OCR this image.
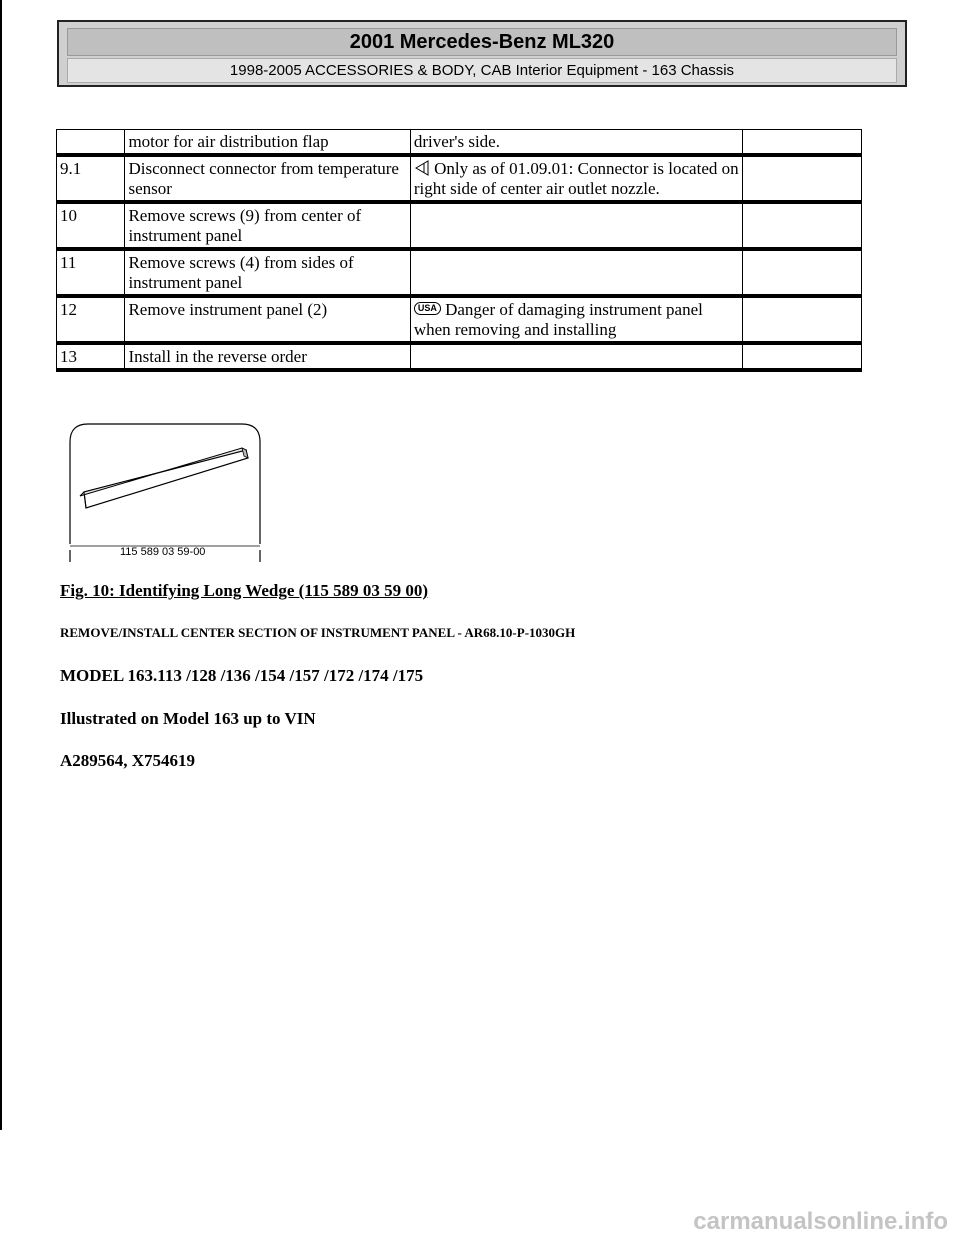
2001 Mercedes-Benz ML320
1998-2005 ACCESSORIES & BODY, CAB Interior Equipment - 163 Chassis
	motor for air distribution flap	driver's side.	
9.1	Disconnect connector from temperature sensor	Only as of 01.09.01: Connector is located on right side of center air outlet nozzle.	
10	Remove screws (9) from center of instrument panel		
11	Remove screws (4) from sides of instrument panel		
12	Remove instrument panel (2)	USA Danger of damaging instrument panel when removing and installing	
13	Install in the reverse order		
115 589 03 59-00
Fig. 10: Identifying Long Wedge (115 589 03 59 00)
REMOVE/INSTALL CENTER SECTION OF INSTRUMENT PANEL - AR68.10-P-1030GH
MODEL 163.113 /128 /136 /154 /157 /172 /174 /175
Illustrated on Model 163 up to VIN
A289564, X754619
carmanualsonline.info
